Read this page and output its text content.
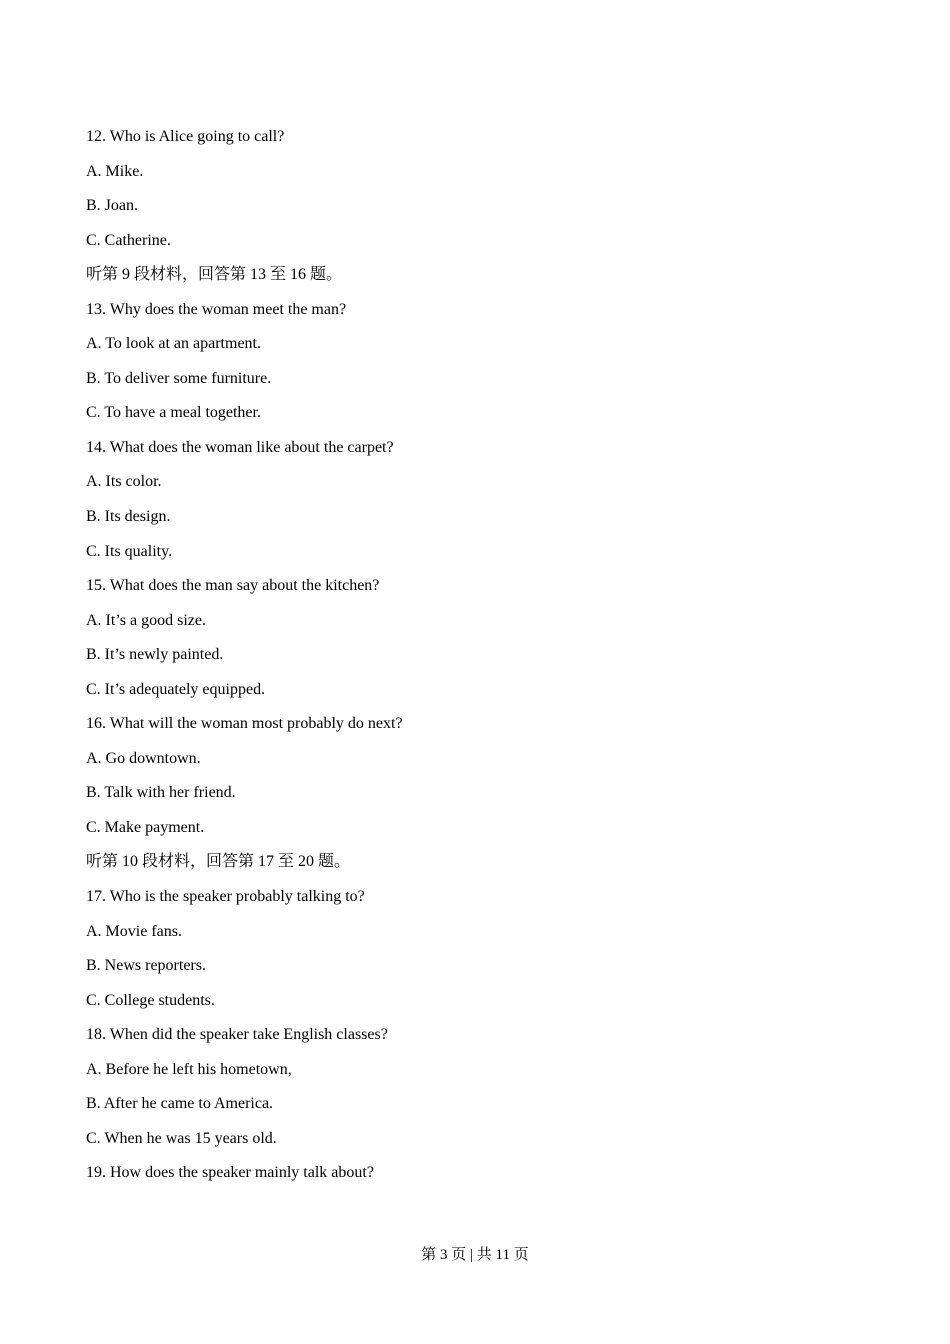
12. Who is Alice going to call?
A. Mike.
B. Joan.
C. Catherine.
听第 9 段材料，回答第 13 至 16 题。
13. Why does the woman meet the man?
A. To look at an apartment.
B. To deliver some furniture.
C. To have a meal together.
14. What does the woman like about the carpet?
A. Its color.
B. Its design.
C. Its quality.
15. What does the man say about the kitchen?
A. It’s a good size.
B. It’s newly painted.
C. It’s adequately equipped.
16. What will the woman most probably do next?
A. Go downtown.
B. Talk with her friend.
C. Make payment.
听第 10 段材料，回答第 17 至 20 题。
17. Who is the speaker probably talking to?
A. Movie fans.
B. News reporters.
C. College students.
18. When did the speaker take English classes?
A. Before he left his hometown,
B. After he came to America.
C. When he was 15 years old.
19. How does the speaker mainly talk about?
第 3 页 | 共 11 页
